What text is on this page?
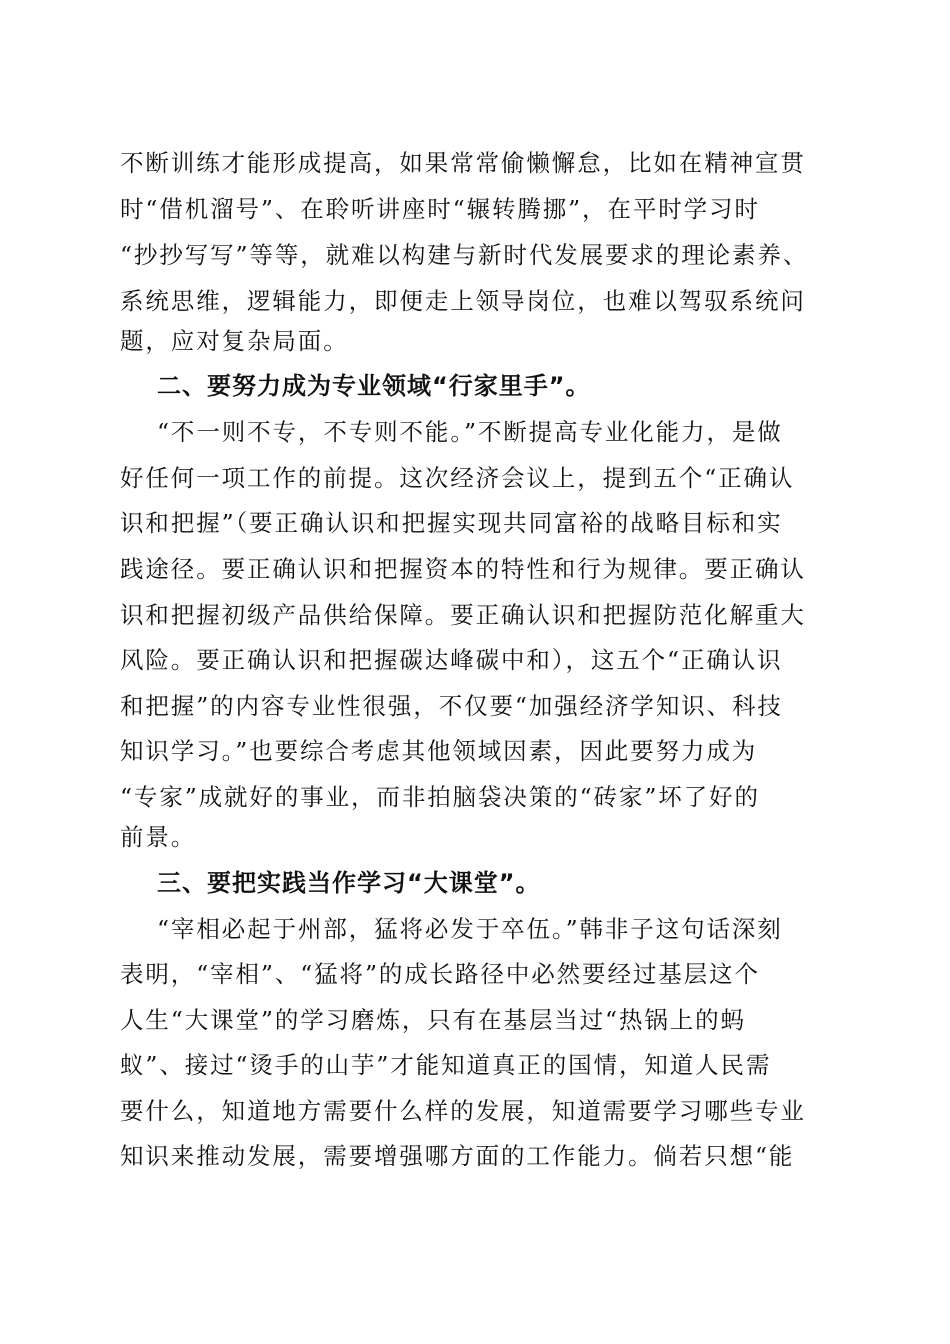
不断训练才能形成提高，如果常常偷懒懈怠，比如在精神宣贯
时“借机溜号”、在聆听讲座时“辗转腾挪”，在平时学习时
“抄抄写写”等等，就难以构建与新时代发展要求的理论素养、
系统思维，逻辑能力，即便走上领导岗位，也难以驾驭系统问
题，应对复杂局面。
二、要努力成为专业领域“行家里手”。
“不一则不专，不专则不能。”不断提高专业化能力，是做
好任何一项工作的前提。这次经济会议上，提到五个“正确认
识和把握”（要正确认识和把握实现共同富裕的战略目标和实
践途径。要正确认识和把握资本的特性和行为规律。要正确认
识和把握初级产品供给保障。要正确认识和把握防范化解重大
风险。要正确认识和把握碳达峰碳中和），这五个“正确认识
和把握”的内容专业性很强，不仅要“加强经济学知识、科技
知识学习。”也要综合考虑其他领域因素，因此要努力成为
“专家”成就好的事业，而非拍脑袋决策的“砖家”坏了好的
前景。
三、要把实践当作学习“大课堂”。
“宰相必起于州部，猛将必发于卒伍。”韩非子这句话深刻
表明，“宰相”、“猛将”的成长路径中必然要经过基层这个
人生“大课堂”的学习磨炼，只有在基层当过“热锅上的蚂
蚁”、接过“烫手的山芋”才能知道真正的国情，知道人民需
要什么，知道地方需要什么样的发展，知道需要学习哪些专业
知识来推动发展，需要增强哪方面的工作能力。倘若只想“能
